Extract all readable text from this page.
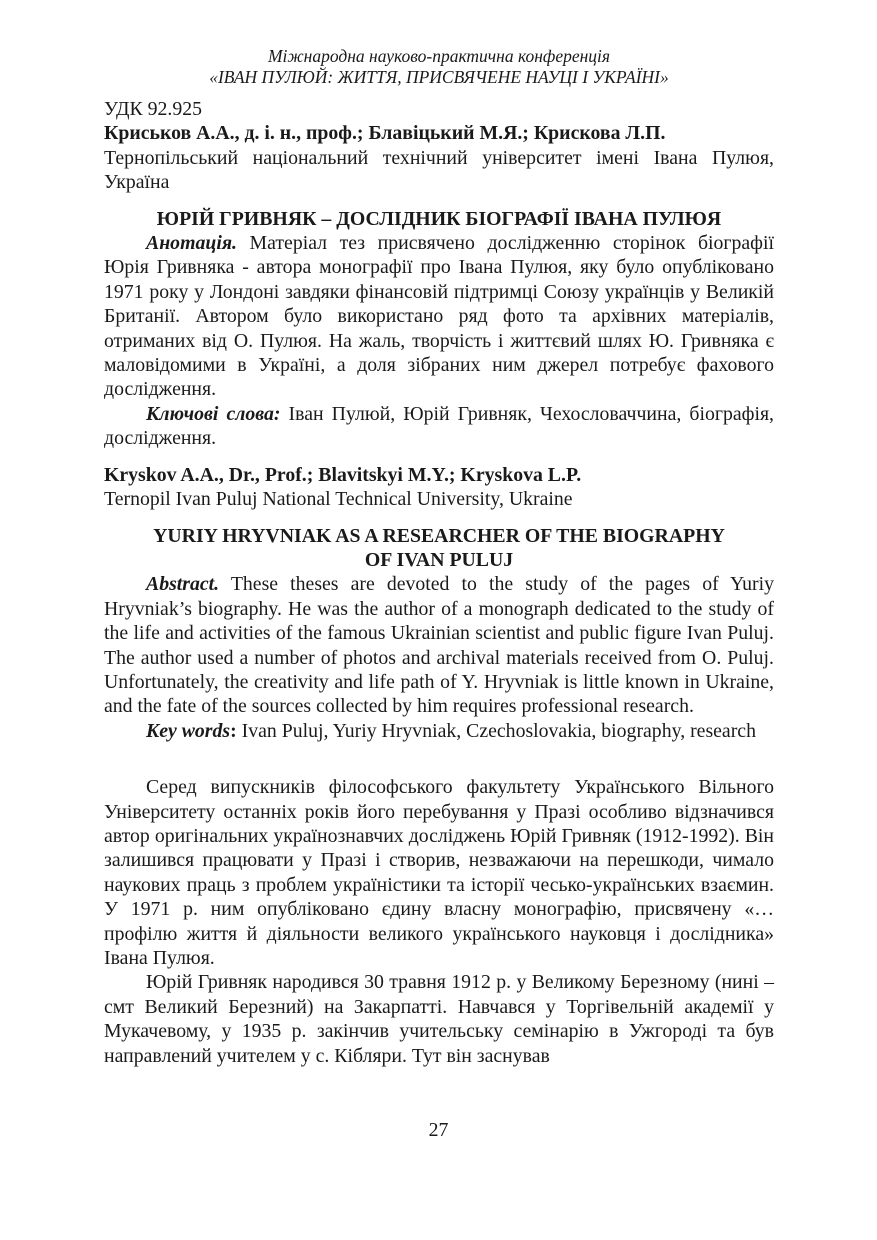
Міжнародна науково-практична конференція
«ІВАН ПУЛЮЙ: ЖИТТЯ, ПРИСВЯЧЕНЕ НАУЦІ І УКРАЇНІ»

УДК 92.925

Криськов А.А., д. і. н., проф.; Блавіцький М.Я.; Крискова Л.П.

Тернопільський національний технічний університет імені Івана Пулюя, Україна

ЮРІЙ ГРИВНЯК – ДОСЛІДНИК БІОГРАФІЇ ІВАНА ПУЛЮЯ

Анотація. Матеріал тез присвячено дослідженню сторінок біографії Юрія Гривняка - автора монографії про Івана Пулюя, яку було опубліковано 1971 року у Лондоні завдяки фінансовій підтримці Союзу українців у Великій Британії. Автором було використано ряд фото та архівних матеріалів, отриманих від О. Пулюя. На жаль, творчість і життєвий шлях Ю. Гривняка є маловідомими в Україні, а доля зібраних ним джерел потребує фахового дослідження.

Ключові слова: Іван Пулюй, Юрій Гривняк, Чехословаччина, біографія, дослідження.

Kryskov A.A., Dr., Prof.; Blavitskyi M.Y.; Kryskova L.P.

Ternopil Ivan Puluj National Technical University, Ukraine

YURIY HRYVNIAK AS A RESEARCHER OF THE BIOGRAPHY

OF IVAN PULUJ

Abstract. These theses are devoted to the study of the pages of Yuriy Hryvniak’s biography. He was the author of a monograph dedicated to the study of the life and activities of the famous Ukrainian scientist and public figure Ivan Puluj. The author used a number of photos and archival materials received from O. Puluj. Unfortunately, the creativity and life path of Y. Hryvniak is little known in Ukraine, and the fate of the sources collected by him requires professional research.

Key words: Ivan Puluj, Yuriy Hryvniak, Czechoslovakia, biography, research

Серед випускників філософського факультету Українського Вільного Університету останніх років його перебування у Празі особливо відзначився автор оригінальних українознавчих досліджень Юрій Гривняк (1912-1992). Він залишився працювати у Празі і створив, незважаючи на перешкоди, чимало наукових праць з проблем україністики та історії чесько-українських взаємин. У 1971 р. ним опубліковано єдину власну монографію, присвячену «…профілю життя й діяльности великого українського науковця і дослідника» Івана Пулюя.

Юрій Гривняк народився 30 травня 1912 р. у Великому Березному (нині – смт Великий Березний) на Закарпатті. Навчався у Торгівельній академії у Мукачевому, у 1935 р. закінчив учительську семінарію в Ужгороді та був направлений учителем у с. Кібляри. Тут він заснував

27
